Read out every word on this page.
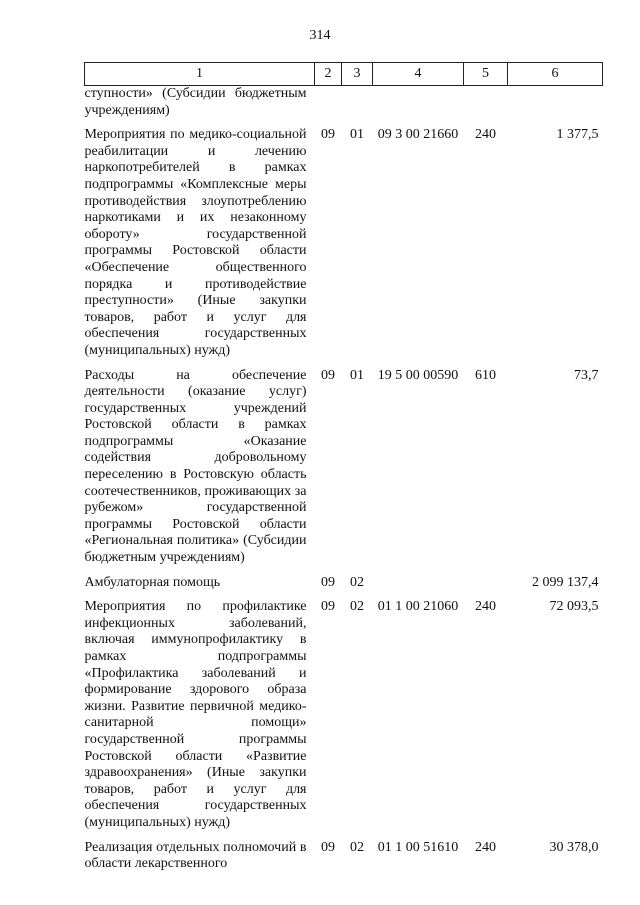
314
1	2	3	4	5	6
ступности» (Субсидии бюджетным учреждениям)					
Мероприятия по медико-социальной реабилитации и лечению наркопотребителей в рамках подпрограммы «Комплексные меры противодействия злоупотреблению наркотиками и их незаконному обороту» государственной программы Ростовской области «Обеспечение общественного порядка и противодействие преступности» (Иные закупки товаров, работ и услуг для обеспечения государственных (муниципальных) нужд)	09	01	09 3 00 21660	240	1 377,5
Расходы на обеспечение деятельности (оказание услуг) государственных учреждений Ростовской области в рамках подпрограммы «Оказание содействия добровольному переселению в Ростовскую область соотечественников, проживающих за рубежом» государственной программы Ростовской области «Региональная политика» (Субсидии бюджетным учреждениям)	09	01	19 5 00 00590	610	73,7
Амбулаторная помощь	09	02			2 099 137,4
Мероприятия по профилактике инфекционных заболеваний, включая иммунопрофилактику в рамках подпрограммы «Профилактика заболеваний и формирование здорового образа жизни. Развитие первичной медико-санитарной помощи» государственной программы Ростовской области «Развитие здравоохранения» (Иные закупки товаров, работ и услуг для обеспечения государственных (муниципальных) нужд)	09	02	01 1 00 21060	240	72 093,5
Реализация отдельных полномочий в области лекарственного	09	02	01 1 00 51610	240	30 378,0
